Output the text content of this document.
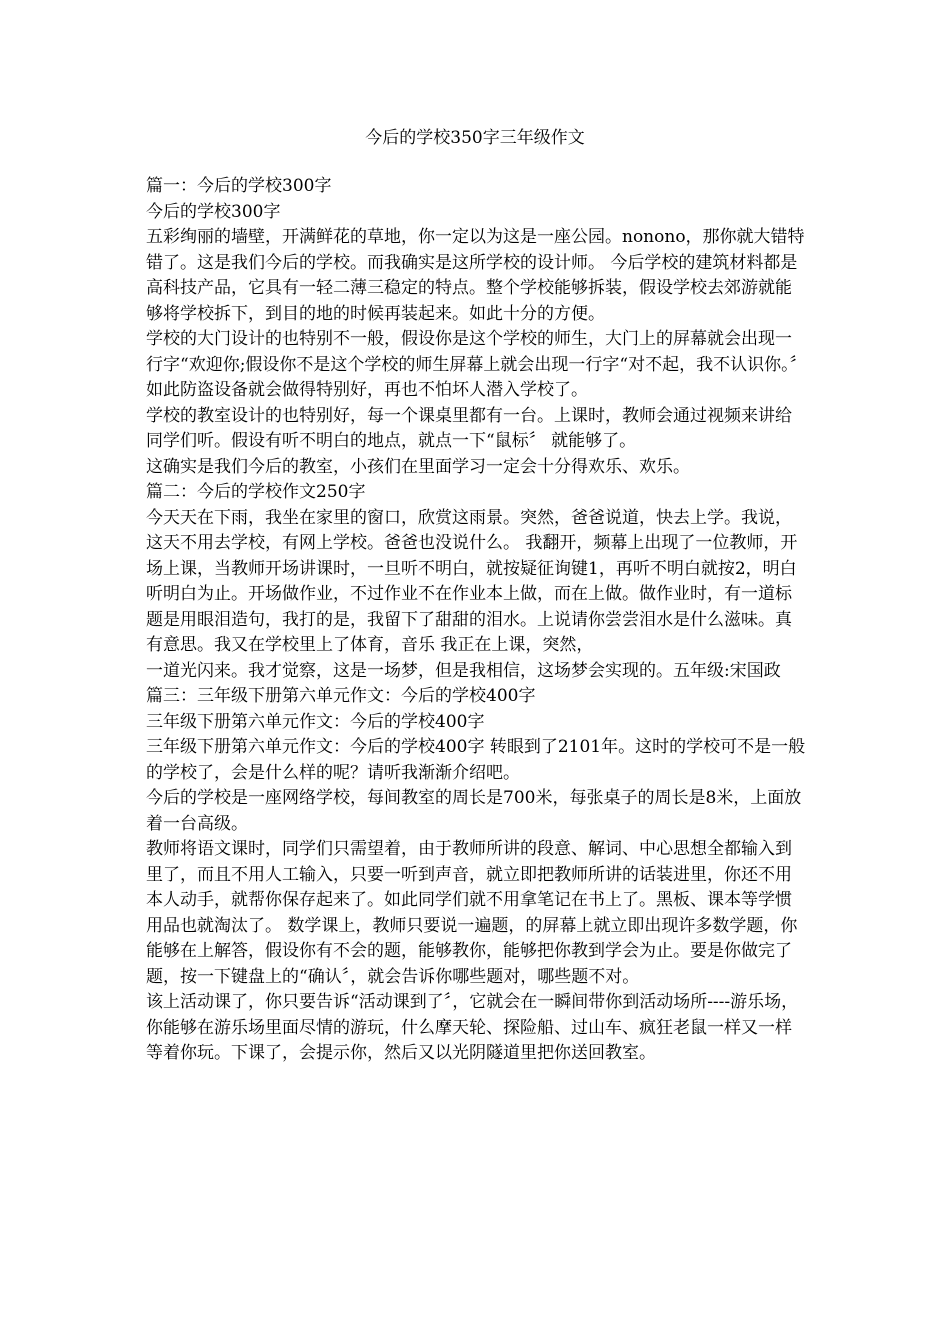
今后的学校350字三年级作文

篇一：今后的学校300字

今后的学校300字

五彩绚丽的墙壁，开满鲜花的草地，你一定以为这是一座公园。nonono，那你就大错特错了。这是我们今后的学校。而我确实是这所学校的设计师。 今后学校的建筑材料都是高科技产品，它具有一轻二薄三稳定的特点。整个学校能够拆装，假设学校去郊游就能够将学校拆下，到目的地的时候再装起来。如此十分的方便。

学校的大门设计的也特别不一般，假设你是这个学校的师生，大门上的屏幕就会出现一行字“欢迎你;假设你不是这个学校的师生屏幕上就会出现一行字“对不起，我不认识你。〞 如此防盗设备就会做得特别好，再也不怕坏人潜入学校了。

学校的教室设计的也特别好，每一个课桌里都有一台。上课时，教师会通过视频来讲给同学们听。假设有听不明白的地点，就点一下“鼠标〞 就能够了。

这确实是我们今后的教室，小孩们在里面学习一定会十分得欢乐、欢乐。

篇二：今后的学校作文250字

今天天在下雨，我坐在家里的窗口，欣赏这雨景。突然，爸爸说道，快去上学。我说，这天不用去学校，有网上学校。爸爸也没说什么。 我翻开，频幕上出现了一位教师，开场上课，当教师开场讲课时，一旦听不明白，就按疑征询键1，再听不明白就按2，明白听明白为止。开场做作业，不过作业不在作业本上做，而在上做。做作业时，有一道标题是用眼泪造句，我打的是，我留下了甜甜的泪水。上说请你尝尝泪水是什么滋味。真有意思。我又在学校里上了体育，音乐 我正在上课，突然，

一道光闪来。我才觉察，这是一场梦，但是我相信，这场梦会实现的。五年级:宋国政

篇三：三年级下册第六单元作文：今后的学校400字

三年级下册第六单元作文：今后的学校400字

三年级下册第六单元作文：今后的学校400字 转眼到了2101年。这时的学校可不是一般的学校了，会是什么样的呢？请听我渐渐介绍吧。

今后的学校是一座网络学校，每间教室的周长是700米，每张桌子的周长是8米，上面放着一台高级。

教师将语文课时，同学们只需望着，由于教师所讲的段意、解词、中心思想全都输入到里了，而且不用人工输入，只要一听到声音，就立即把教师所讲的话装进里，你还不用本人动手，就帮你保存起来了。如此同学们就不用拿笔记在书上了。黑板、课本等学惯用品也就淘汰了。 数学课上，教师只要说一遍题，的屏幕上就立即出现许多数学题，你能够在上解答，假设你有不会的题，能够教你，能够把你教到学会为止。要是你做完了题，按一下键盘上的“确认〞，就会告诉你哪些题对，哪些题不对。

该上活动课了，你只要告诉“活动课到了〞，它就会在一瞬间带你到活动场所----游乐场，你能够在游乐场里面尽情的游玩，什么摩天轮、探险船、过山车、疯狂老鼠一样又一样等着你玩。下课了，会提示你，然后又以光阴隧道里把你送回教室。
